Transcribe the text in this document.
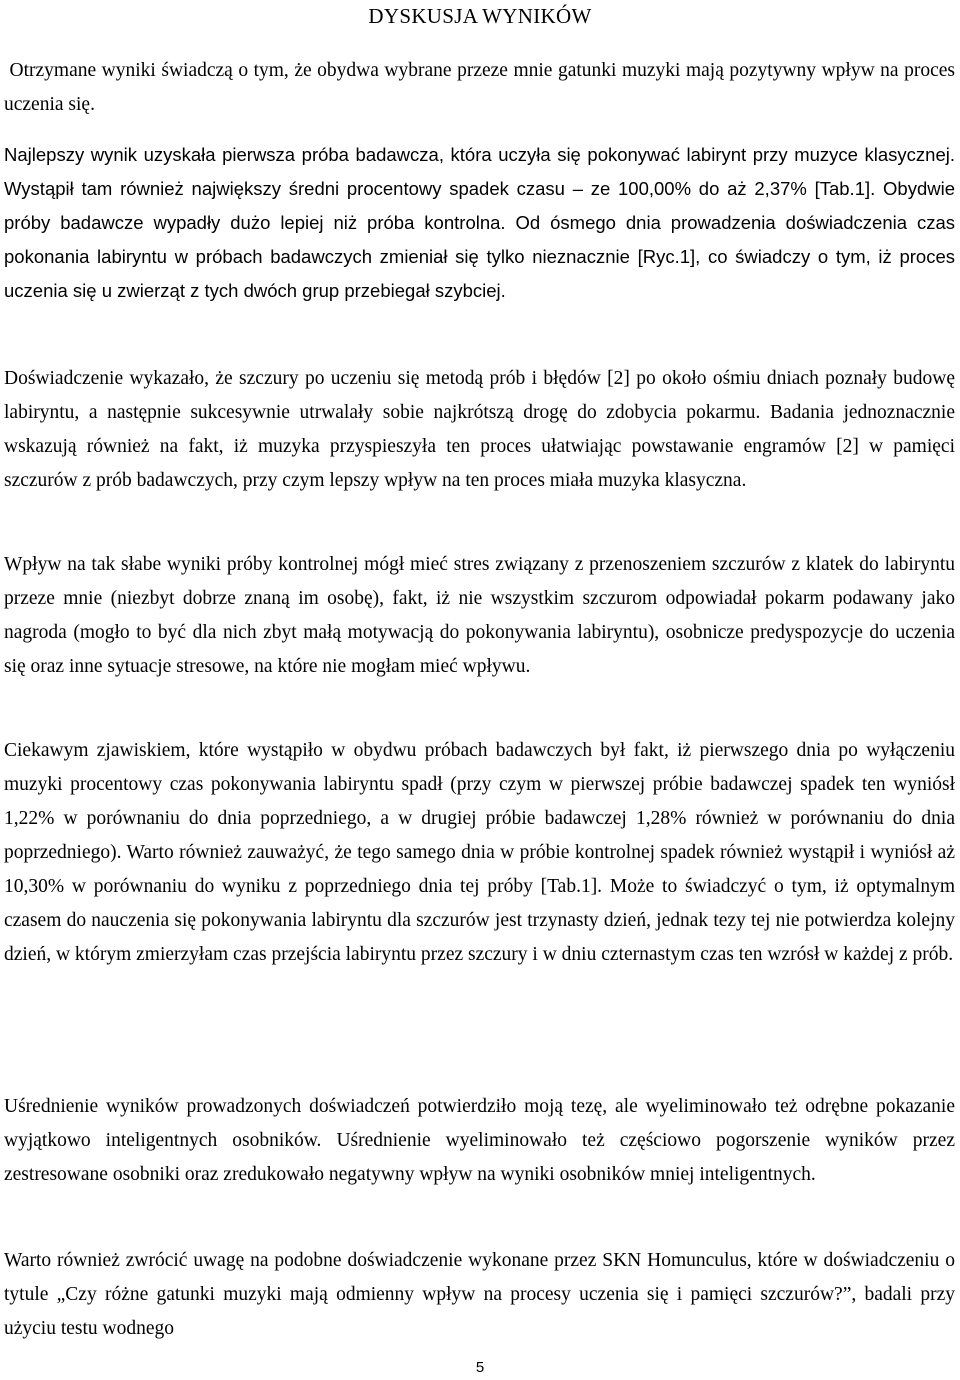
DYSKUSJA WYNIKÓW

Otrzymane wyniki świadczą o tym, że obydwa wybrane przeze mnie gatunki muzyki mają pozytywny wpływ na proces uczenia się.

Najlepszy wynik uzyskała pierwsza próba badawcza, która uczyła się pokonywać labirynt przy muzyce klasycznej. Wystąpił tam również największy średni procentowy spadek czasu – ze 100,00% do aż 2,37% [Tab.1]. Obydwie próby badawcze wypadły dużo lepiej niż próba kontrolna. Od ósmego dnia prowadzenia doświadczenia czas pokonania labiryntu w próbach badawczych zmieniał się tylko nieznacznie [Ryc.1], co świadczy o tym, iż proces uczenia się u zwierząt z tych dwóch grup przebiegał szybciej.

Doświadczenie wykazało, że szczury po uczeniu się metodą prób i błędów [2] po około ośmiu dniach poznały budowę labiryntu, a następnie sukcesywnie utrwalały sobie najkrótszą drogę do zdobycia pokarmu. Badania jednoznacznie wskazują również na fakt, iż muzyka przyspieszyła ten proces ułatwiając powstawanie engramów [2] w pamięci szczurów z prób badawczych, przy czym lepszy wpływ na ten proces miała muzyka klasyczna.

Wpływ na tak słabe wyniki próby kontrolnej mógł mieć stres związany z przenoszeniem szczurów z klatek do labiryntu przeze mnie (niezbyt dobrze znaną im osobę), fakt, iż nie wszystkim szczurom odpowiadał pokarm podawany jako nagroda (mogło to być dla nich zbyt małą motywacją do pokonywania labiryntu), osobnicze predyspozycje do uczenia się oraz inne sytuacje stresowe, na które nie mogłam mieć wpływu.

Ciekawym zjawiskiem, które wystąpiło w obydwu próbach badawczych był fakt, iż pierwszego dnia po wyłączeniu muzyki procentowy czas pokonywania labiryntu spadł (przy czym w pierwszej próbie badawczej spadek ten wyniósł 1,22% w porównaniu do dnia poprzedniego, a w drugiej próbie badawczej 1,28% również w porównaniu do dnia poprzedniego). Warto również zauważyć, że tego samego dnia w próbie kontrolnej spadek również wystąpił i wyniósł aż 10,30% w porównaniu do wyniku z poprzedniego dnia tej próby [Tab.1]. Może to świadczyć o tym, iż optymalnym czasem do nauczenia się pokonywania labiryntu dla szczurów jest trzynasty dzień, jednak tezy tej nie potwierdza kolejny dzień, w którym zmierzyłam czas przejścia labiryntu przez szczury i w dniu czternastym czas ten wzrósł w każdej z prób.

Uśrednienie wyników prowadzonych doświadczeń potwierdziło moją tezę, ale wyeliminowało też odrębne pokazanie wyjątkowo inteligentnych osobników. Uśrednienie wyeliminowało też częściowo pogorszenie wyników przez zestresowane osobniki oraz zredukowało negatywny wpływ na wyniki osobników mniej inteligentnych.

Warto również zwrócić uwagę na podobne doświadczenie wykonane przez SKN Homunculus, które w doświadczeniu o tytule „Czy różne gatunki muzyki mają odmienny wpływ na procesy uczenia się i pamięci szczurów?”, badali przy użyciu testu wodnego

5
